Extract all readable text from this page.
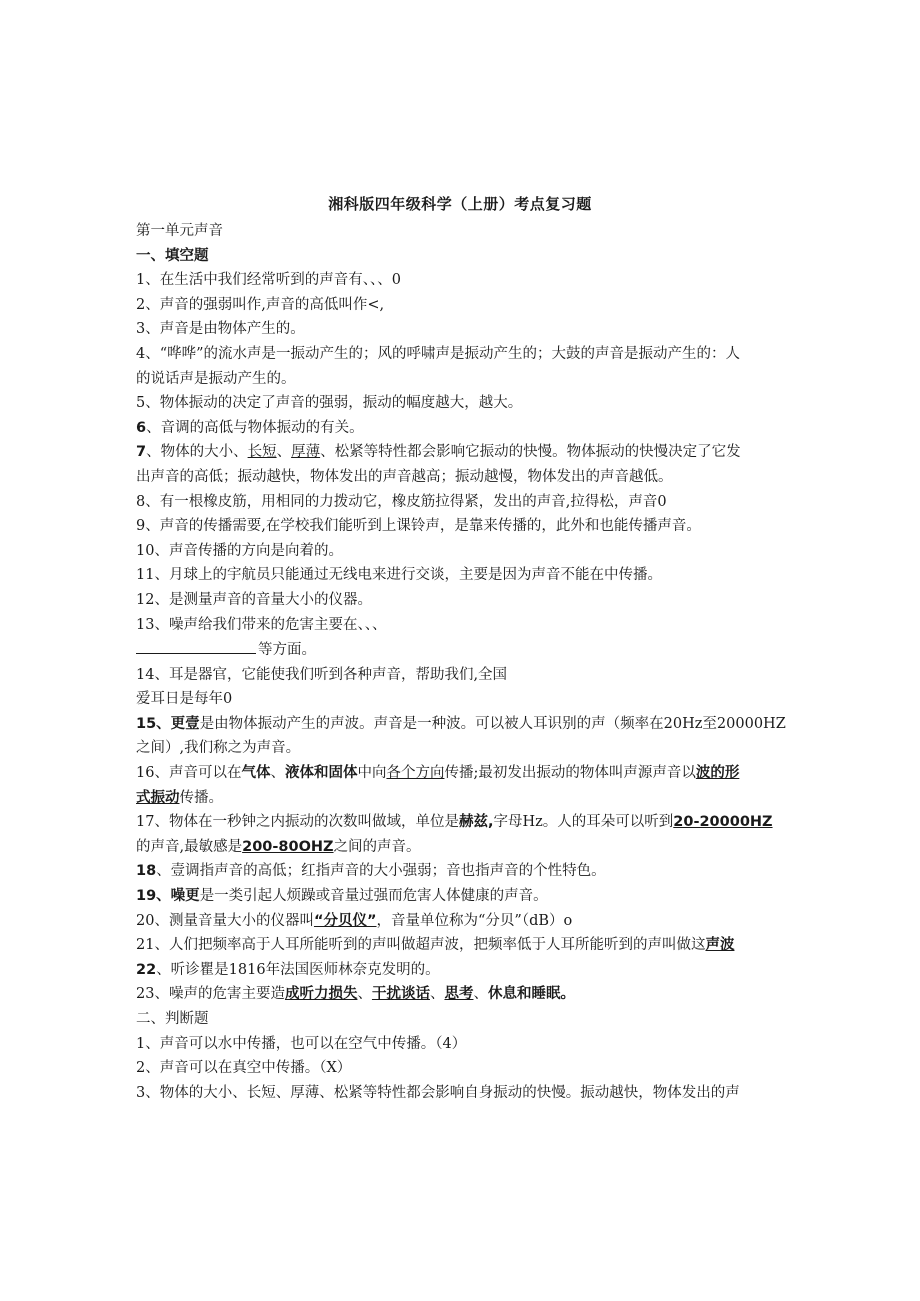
湘科版四年级科学（上册）考点复习题
第一单元声音
一、填空题
1、在生活中我们经常听到的声音有、、、0
2、声音的强弱叫作,声音的高低叫作<,
3、声音是由物体产生的。
4、“哗哗”的流水声是一振动产生的；风的呼啸声是振动产生的；大鼓的声音是振动产生的：人
的说话声是振动产生的。
5、物体振动的决定了声音的强弱，振动的幅度越大，越大。
6、音调的高低与物体振动的有关。
7、物体的大小、长短、厚薄、松紧等特性都会影响它振动的快慢。物体振动的快慢决定了它发
出声音的高低；振动越快，物体发出的声音越高；振动越慢，物体发出的声音越低。
8、有一根橡皮筋，用相同的力拨动它，橡皮筋拉得紧，发出的声音,拉得松，声音0
9、声音的传播需要,在学校我们能听到上课铃声，是靠来传播的，此外和也能传播声音。
10、声音传播的方向是向着的。
11、月球上的宇航员只能通过无线电来进行交谈，主要是因为声音不能在中传播。
12、是测量声音的音量大小的仪器。
13、噪声给我们带来的危害主要在、、、
等方面。
14、耳是器官，它能使我们听到各种声音，帮助我们,全国
爱耳日是每年0
15、更壹是由物体振动产生的声波。声音是一种波。可以被人耳识别的声（频率在20Hz至20000HZ
之间）,我们称之为声音。
16、声音可以在气体、液体和固体中向各个方向传播;最初发出振动的物体叫声源声音以波的形
式振动传播。
17、物体在一秒钟之内振动的次数叫做域，单位是赫兹,字母Hz。人的耳朵可以听到20-20000HZ
的声音,最敏感是200-80OHZ之间的声音。
18、壹调指声音的高低；红指声音的大小强弱；音也指声音的个性特色。
19、噪更是一类引起人烦躁或音量过强而危害人体健康的声音。
20、测量音量大小的仪器叫“分贝仪”，音量单位称为“分贝”（dB）o
21、人们把频率高于人耳所能听到的声叫做超声波，把频率低于人耳所能听到的声叫做这声波
22、听诊瞿是1816年法国医师林奈克发明的。
23、噪声的危害主要造成听力损失、干扰谈话、思考、休息和睡眠。
二、判断题
1、声音可以水中传播，也可以在空气中传播。（4）
2、声音可以在真空中传播。（X）
3、物体的大小、长短、厚薄、松紧等特性都会影响自身振动的快慢。振动越快，物体发出的声
